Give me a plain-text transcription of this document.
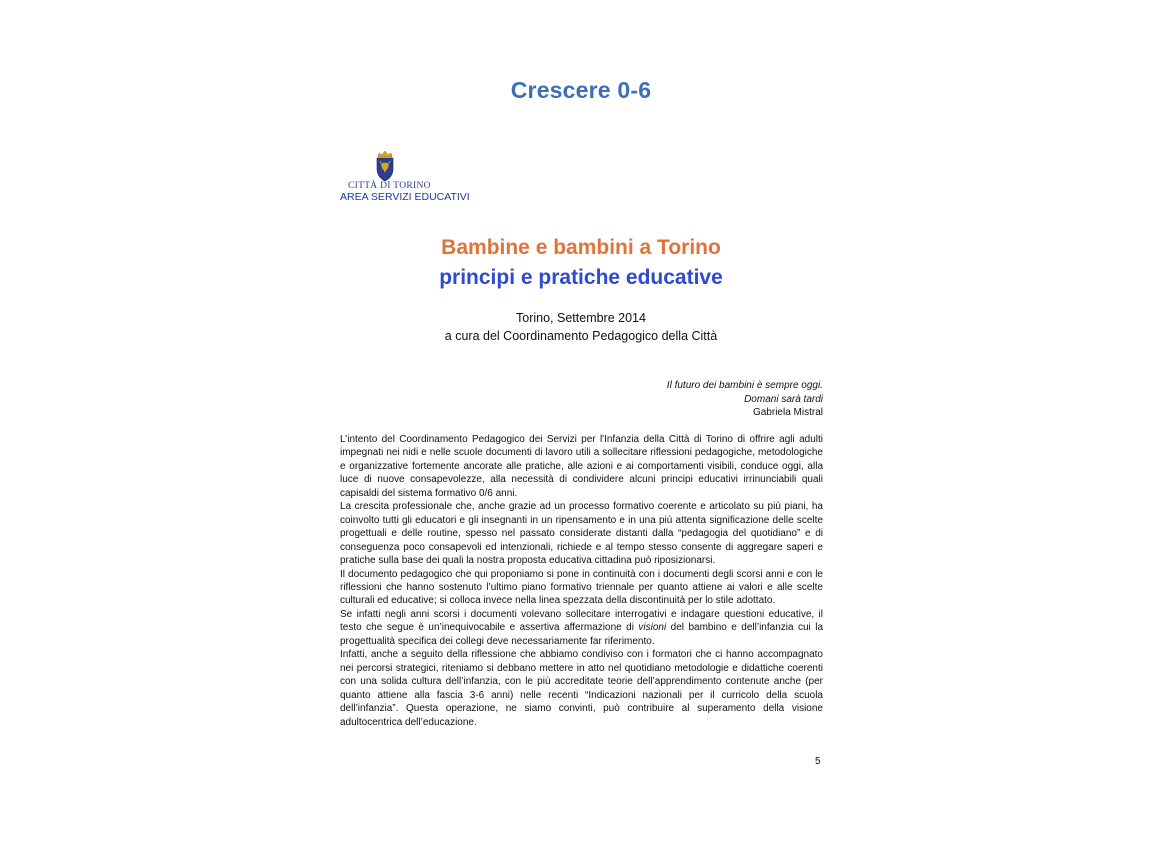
Crescere 0-6
CITTÀ DI TORINO
AREA SERVIZI EDUCATIVI
Bambine e bambini a Torino
principi e pratiche educative
Torino, Settembre 2014
a cura del Coordinamento Pedagogico della Città
Il futuro dei bambini è sempre oggi.
Domani sarà tardi
Gabriela Mistral

L’intento del Coordinamento Pedagogico dei Servizi per l'Infanzia della Città di Torino di offrire agli adulti impegnati nei nidi e nelle scuole documenti di lavoro utili a sollecitare riflessioni pedagogiche, metodologiche e organizzative fortemente ancorate alle pratiche, alle azioni e ai comportamenti visibili, conduce oggi, alla luce di nuove consapevolezze, alla necessità di condividere alcuni principi educativi irrinunciabili quali capisaldi del sistema formativo 0/6 anni.

La crescita professionale che, anche grazie ad un processo formativo coerente e articolato su più piani, ha coinvolto tutti gli educatori e gli insegnanti in un ripensamento e in una più attenta significazione delle scelte progettuali e delle routine, spesso nel passato considerate distanti dalla “pedagogia del quotidiano” e di conseguenza poco consapevoli ed intenzionali, richiede e al tempo stesso consente di aggregare saperi e pratiche sulla base dei quali la nostra proposta educativa cittadina può riposizionarsi.

Il documento pedagogico che qui proponiamo si pone in continuità con i documenti degli scorsi anni e con le riflessioni che hanno sostenuto l’ultimo piano formativo triennale per quanto attiene ai valori e alle scelte culturali ed educative; si colloca invece nella linea spezzata della discontinuità per lo stile adottato.

Se infatti negli anni scorsi i documenti volevano sollecitare interrogativi e indagare questioni educative, il testo che segue è un’inequivocabile e assertiva affermazione di visioni del bambino e dell’infanzia cui la progettualità specifica dei collegi deve necessariamente far riferimento.

Infatti, anche a seguito della riflessione che abbiamo condiviso con i formatori che ci hanno accompagnato nei percorsi strategici, riteniamo si debbano mettere in atto nel quotidiano metodologie e didattiche coerenti con una solida cultura dell’infanzia, con le più accreditate teorie dell’apprendimento contenute anche (per quanto attiene alla fascia 3-6 anni) nelle recenti “Indicazioni nazionali per il curricolo della scuola dell’infanzia”. Questa operazione, ne siamo convinti, può contribuire al superamento della visione adultocentrica dell’educazione.

5
